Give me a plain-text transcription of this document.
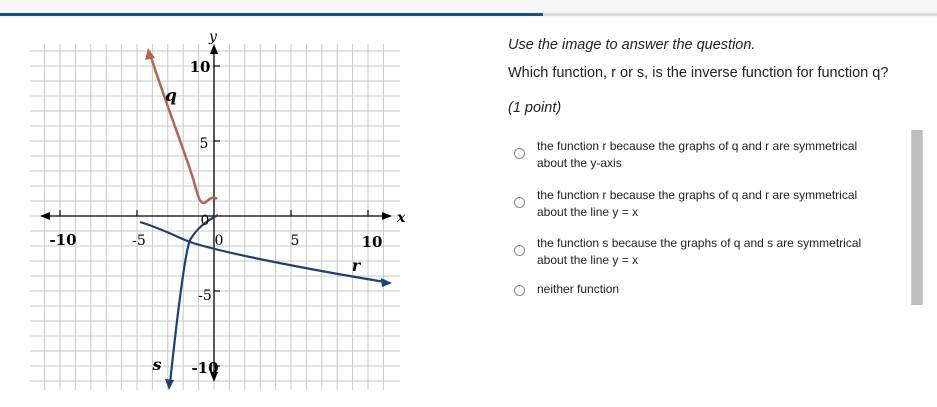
y
x
-10	-5	0	5	10
10
5
0
-5
-10
q
r
s

Use the image to answer the question.

Which function, r or s, is the inverse function for function q?

(1 point)
the function r because the graphs of q and r are symmetrical
about the y-axis
the function r because the graphs of q and r are symmetrical
about the line y = x
the function s because the graphs of q and s are symmetrical
about the line y = x
neither function
